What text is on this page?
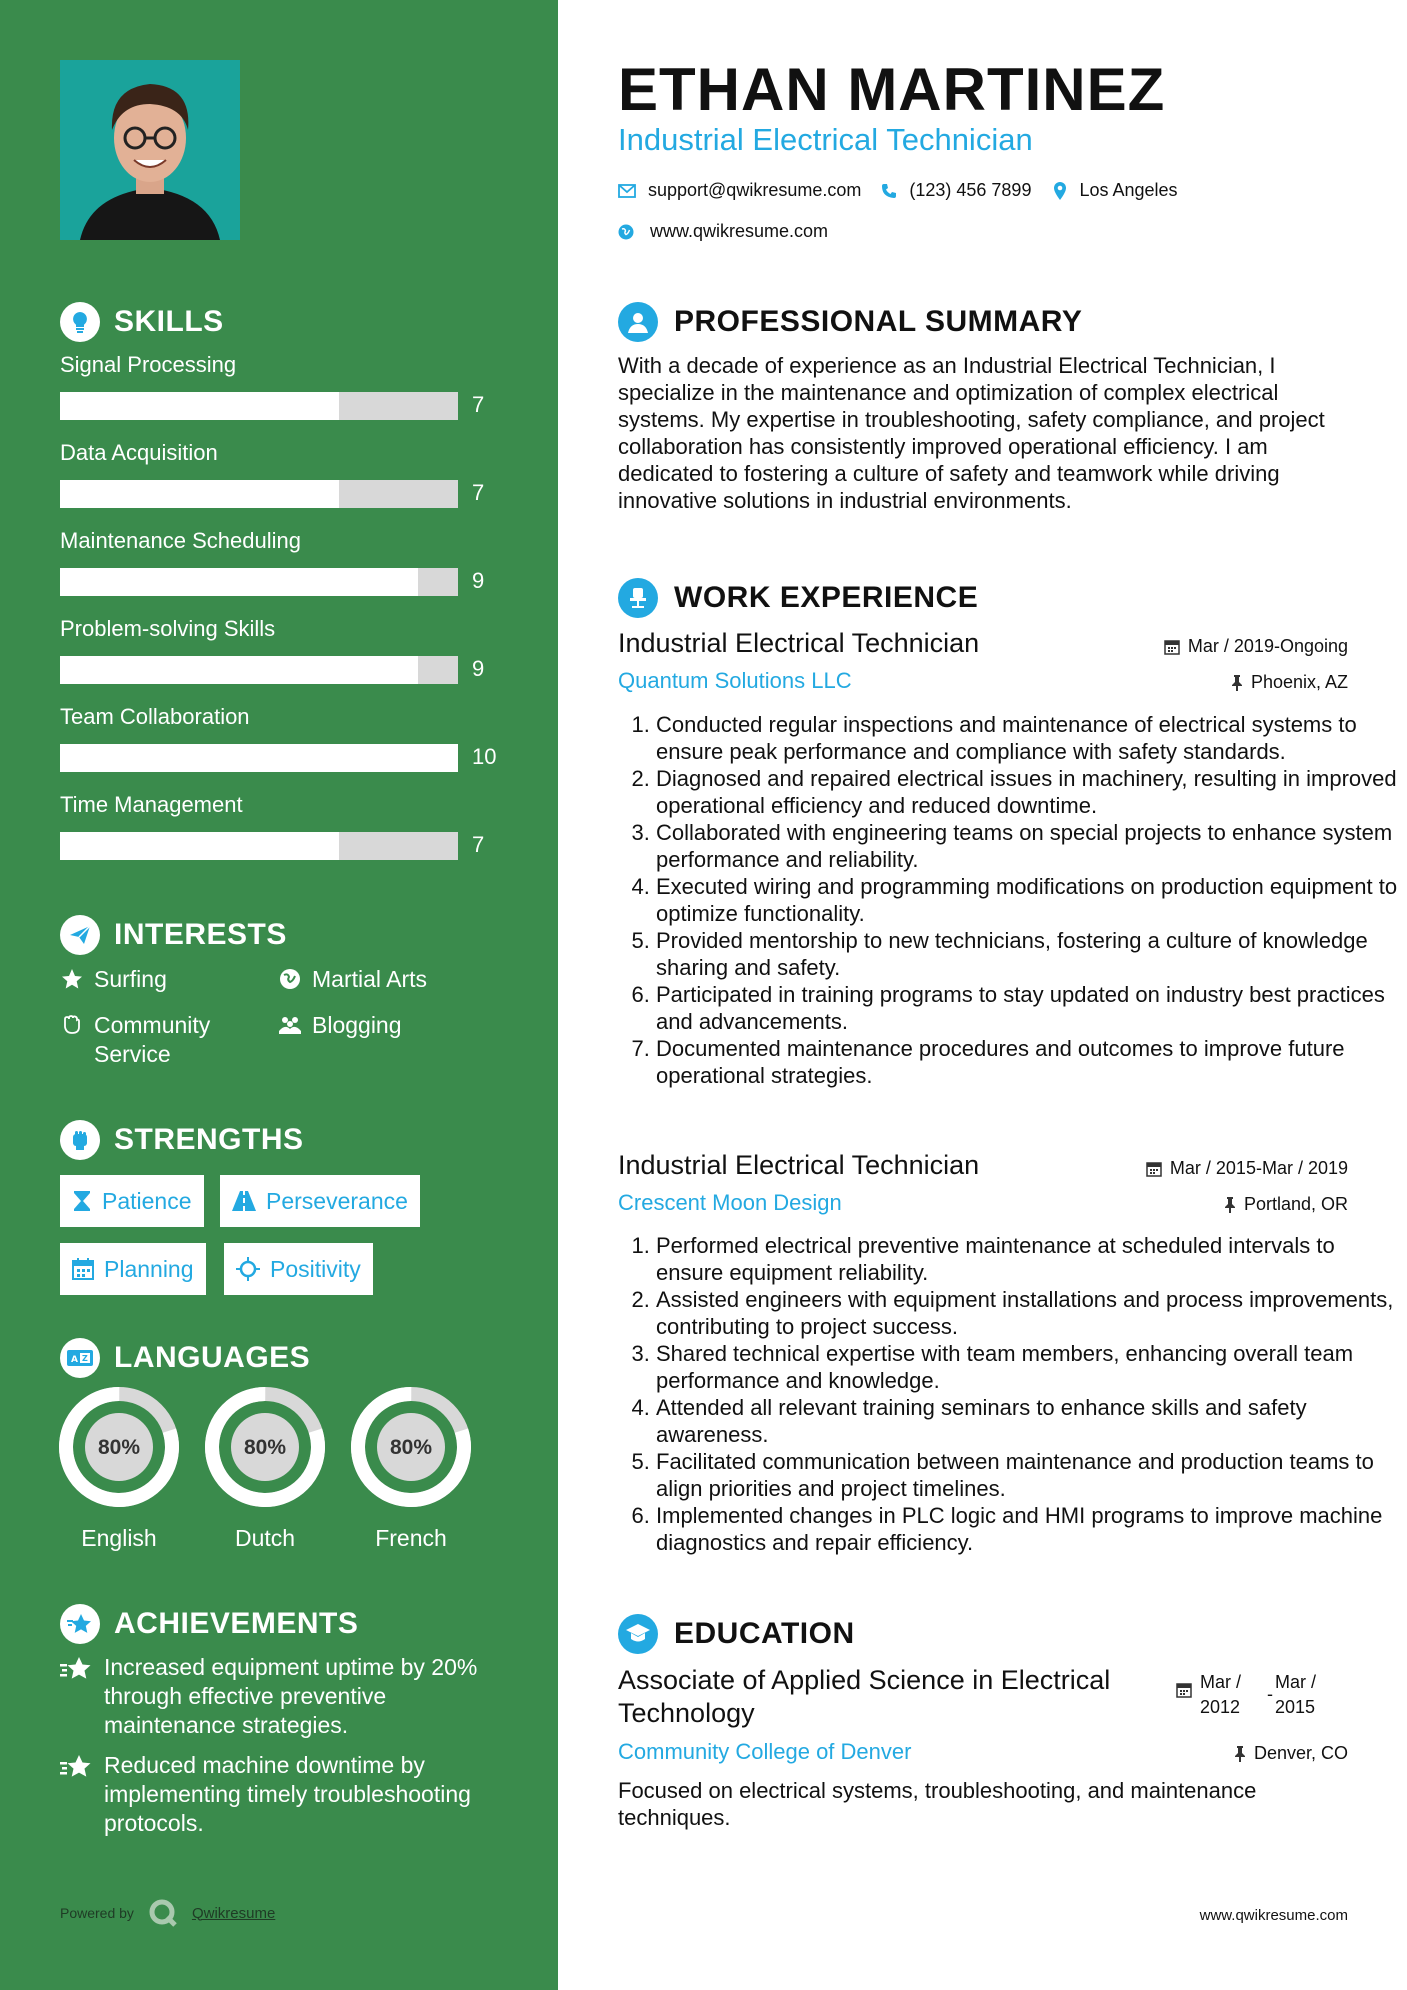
SKILLS
Signal Processing
7
Data Acquisition
7
Maintenance Scheduling
9
Problem-solving Skills
9
Team Collaboration
10
Time Management
7
INTERESTS
Surfing	Martial Arts
Community Service
Blogging
STRENGTHS
Patience	Perseverance
Planning	Positivity
A Z LANGUAGES
80%
English
80%
Dutch
80%
French
ACHIEVEMENTS
Increased equipment uptime by 20% through effective preventive maintenance strategies.
Reduced machine downtime by implementing timely troubleshooting protocols.
Powered by	Qwikresume
ETHAN MARTINEZ
Industrial Electrical Technician
support@qwikresume.com	(123) 456 7899	Los Angeles
www.qwikresume.com
PROFESSIONAL SUMMARY
With a decade of experience as an Industrial Electrical Technician, I specialize in the maintenance and optimization of complex electrical systems. My expertise in troubleshooting, safety compliance, and project collaboration has consistently improved operational efficiency. I am dedicated to fostering a culture of safety and teamwork while driving innovative solutions in industrial environments.
WORK EXPERIENCE
Industrial Electrical Technician	Mar / 2019-Ongoing
Quantum Solutions LLC	Phoenix, AZ
1. Conducted regular inspections and maintenance of electrical systems to ensure peak performance and compliance with safety standards.
2. Diagnosed and repaired electrical issues in machinery, resulting in improved operational efficiency and reduced downtime.
3. Collaborated with engineering teams on special projects to enhance system performance and reliability.
4. Executed wiring and programming modifications on production equipment to optimize functionality.
5. Provided mentorship to new technicians, fostering a culture of knowledge sharing and safety.
6. Participated in training programs to stay updated on industry best practices and advancements.
7. Documented maintenance procedures and outcomes to improve future operational strategies.
Industrial Electrical Technician	Mar / 2015-Mar / 2019
Crescent Moon Design	Portland, OR
1. Performed electrical preventive maintenance at scheduled intervals to ensure equipment reliability.
2. Assisted engineers with equipment installations and process improvements, contributing to project success.
3. Shared technical expertise with team members, enhancing overall team performance and knowledge.
4. Attended all relevant training seminars to enhance skills and safety awareness.
5. Facilitated communication between maintenance and production teams to align priorities and project timelines.
6. Implemented changes in PLC logic and HMI programs to improve machine diagnostics and repair efficiency.
EDUCATION
Associate of Applied Science in Electrical Technology
Mar /
2012
-
Mar /
2015
Community College of Denver	Denver, CO
Focused on electrical systems, troubleshooting, and maintenance techniques.
www.qwikresume.com
